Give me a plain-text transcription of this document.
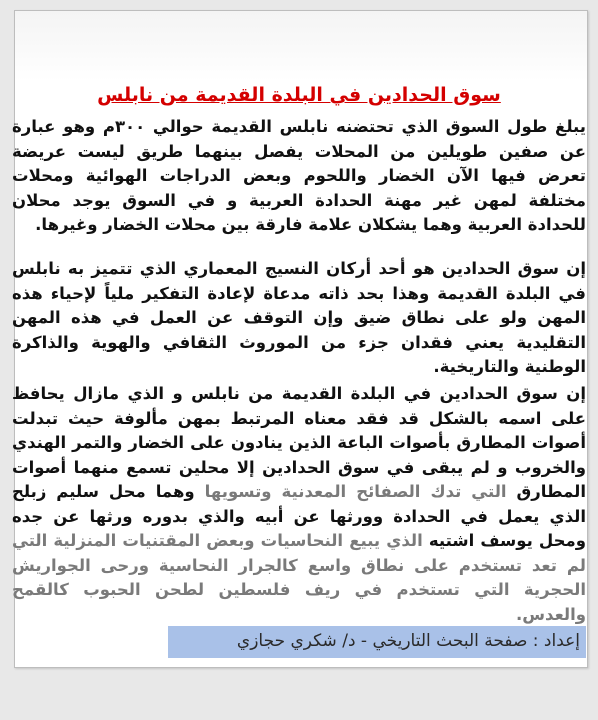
سوق الحدادين في البلدة القديمة من نابلس

يبلغ طول السوق الذي تحتضنه نابلس القديمة حوالي ٣٠٠م وهو عبارة عن صفين طويلين من المحلات يفصل بينهما طريق ليست عريضة تعرض فيها الآن الخضار واللحوم وبعض الدراجات الهوائية ومحلات مختلفة لمهن غير مهنة الحدادة العربية و في السوق يوجد محلان للحدادة العربية وهما يشكلان علامة فارقة بين محلات الخضار وغيرها.

إن سوق الحدادين هو أحد أركان النسيج المعماري الذي تتميز به نابلس في البلدة القديمة وهذا بحد ذاته مدعاة لإعادة التفكير ملياً لإحياء هذه المهن ولو على نطاق ضيق وإن التوقف عن العمل في هذه المهن التقليدية يعني فقدان جزء من الموروث الثقافي والهوية والذاكرة الوطنية والتاريخية.

إن سوق الحدادين في البلدة القديمة من نابلس و الذي مازال يحافظ على اسمه بالشكل قد فقد معناه المرتبط بمهن مألوفة حيث تبدلت أصوات المطارق بأصوات الباعة الذين ينادون على الخضار والتمر الهندي والخروب و لم يبقى في سوق الحدادين إلا محلين تسمع منهما أصوات المطارق التي تدك الصفائح المعدنية وتسويها وهما محل سليم زبلح الذي يعمل في الحدادة وورثها عن أبيه والذي بدوره ورثها عن جده ومحل يوسف اشتيه الذي يبيع النحاسيات وبعض المقتنيات المنزلية التي لم تعد تستخدم على نطاق واسع كالجرار النحاسية ورحى الجواريش الحجرية التي تستخدم في ريف فلسطين لطحن الحبوب كالقمح والعدس.

إعداد : صفحة البحث التاريخي - د/ شكري حجازي
